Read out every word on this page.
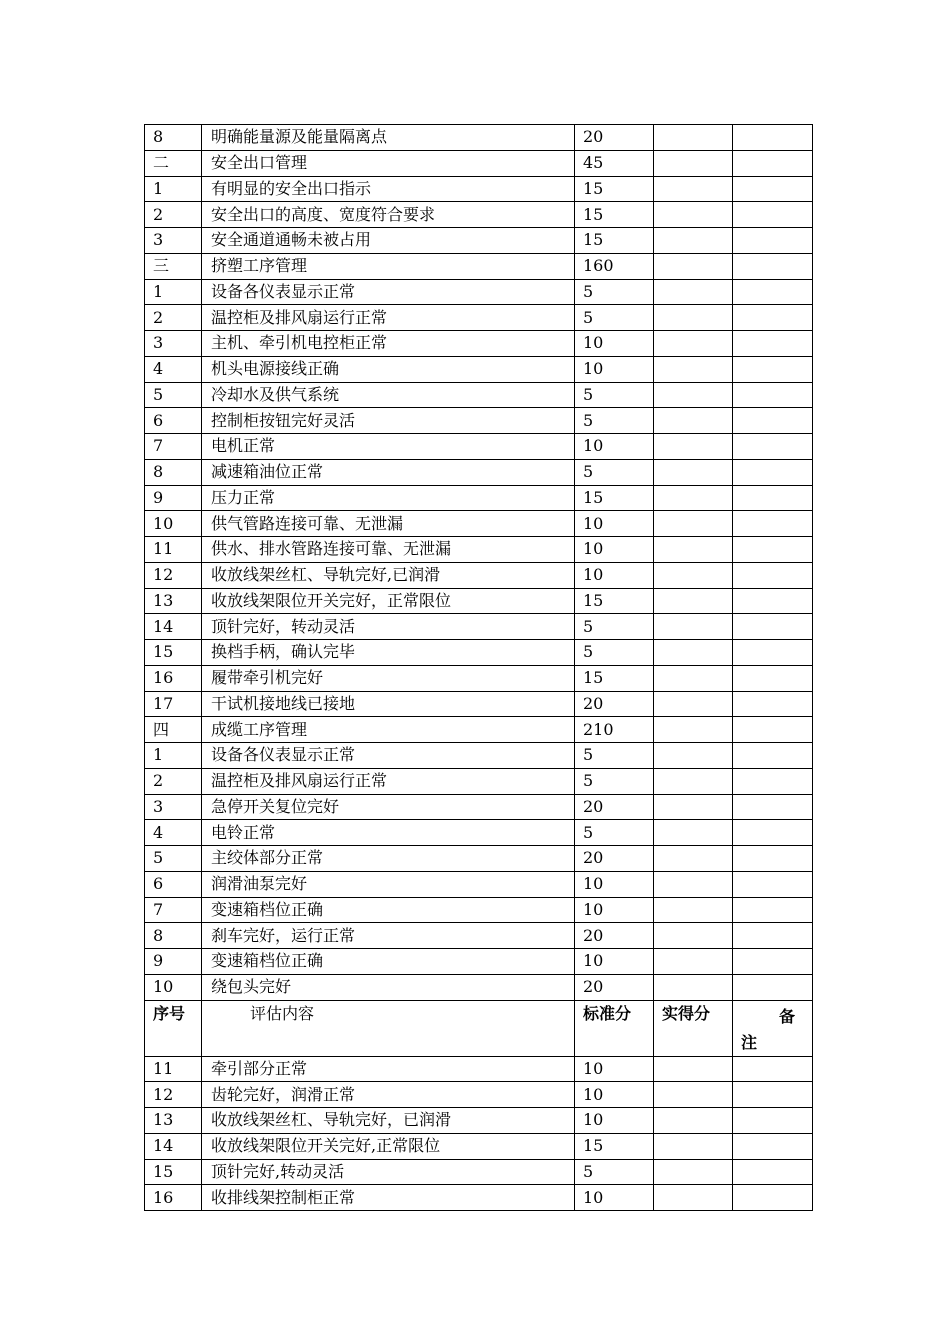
8	明确能量源及能量隔离点	20		
二	安全出口管理	45		
1	有明显的安全出口指示	15		
2	安全出口的高度、宽度符合要求	15		
3	安全通道通畅未被占用	15		
三	挤塑工序管理	160		
1	设备各仪表显示正常	5		
2	温控柜及排风扇运行正常	5		
3	主机、牵引机电控柜正常	10		
4	机头电源接线正确	10		
5	冷却水及供气系统	5		
6	控制柜按钮完好灵活	5		
7	电机正常	10		
8	减速箱油位正常	5		
9	压力正常	15		
10	供气管路连接可靠、无泄漏	10		
11	供水、排水管路连接可靠、无泄漏	10		
12	收放线架丝杠、导轨完好,已润滑	10		
13	收放线架限位开关完好，正常限位	15		
14	顶针完好，转动灵活	5		
15	换档手柄，确认完毕	5		
16	履带牵引机完好	15		
17	干试机接地线已接地	20		
四	成缆工序管理	210		
1	设备各仪表显示正常	5		
2	温控柜及排风扇运行正常	5		
3	急停开关复位完好	20		
4	电铃正常	5		
5	主绞体部分正常	20		
6	润滑油泵完好	10		
7	变速箱档位正确	10		
8	刹车完好，运行正常	20		
9	变速箱档位正确	10		
10	绕包头完好	20		
序号	评估内容	标准分	实得分	备
注

11	牵引部分正常	10		
12	齿轮完好，润滑正常	10		
13	收放线架丝杠、导轨完好，已润滑	10		
14	收放线架限位开关完好,正常限位	15		
15	顶针完好,转动灵活	5		
16	收排线架控制柜正常	10		
